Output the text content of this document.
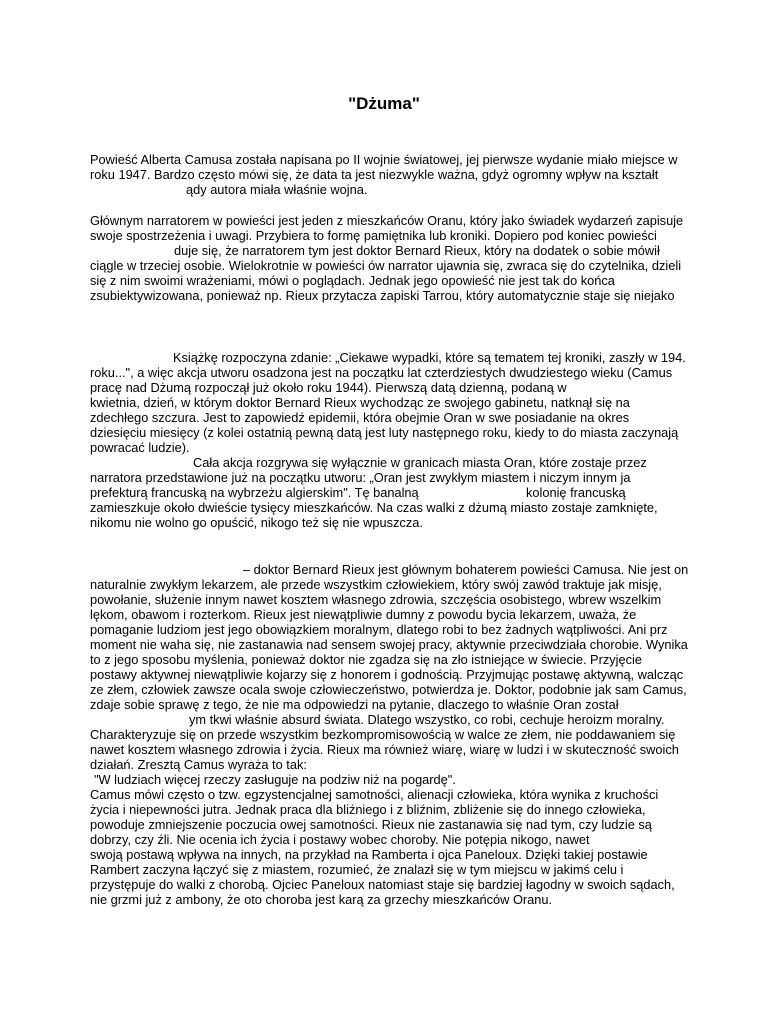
"Dżuma"
Powieść Alberta Camusa została napisana po II wojnie światowej, jej pierwsze wydanie miało miejsce w
roku 1947. Bardzo często mówi się, że data ta jest niezwykle ważna, gdyż ogromny wpływ na kształt
ądy autora miała właśnie wojna.
Głównym narratorem w powieści jest jeden z mieszkańców Oranu, który jako świadek wydarzeń zapisuje
swoje spostrzeżenia i uwagi. Przybiera to formę pamiętnika lub kroniki. Dopiero pod koniec powieści
duje się, że narratorem tym jest doktor Bernard Rieux, który na dodatek o sobie mówił
ciągle w trzeciej osobie. Wielokrotnie w powieści ów narrator ujawnia się, zwraca się do czytelnika, dzieli
się z nim swoimi wrażeniami, mówi o poglądach. Jednak jego opowieść nie jest tak do końca
zsubiektywizowana, ponieważ np. Rieux przytacza zapiski Tarrou, który automatycznie staje się niejako
Książkę rozpoczyna zdanie: „Ciekawe wypadki, które są tematem tej kroniki, zaszły w 194.
roku...", a więc akcja utworu osadzona jest na początku lat czterdziestych dwudziestego wieku (Camus
pracę nad Dżumą rozpoczął już około roku 1944). Pierwszą datą dzienną, podaną w
kwietnia, dzień, w którym doktor Bernard Rieux wychodząc ze swojego gabinetu, natknął się na
zdechłego szczura. Jest to zapowiedź epidemii, która obejmie Oran w swe posiadanie na okres
dziesięciu miesięcy (z kolei ostatnią pewną datą jest luty następnego roku, kiedy to do miasta zaczynają
powracać ludzie).
Cała akcja rozgrywa się wyłącznie w granicach miasta Oran, które zostaje przez
narratora przedstawione już na początku utworu: „Oran jest zwykłym miastem i niczym innym ja
prefekturą francuską na wybrzeżu algierskim". Tę banalną	kolonię francuską
zamieszkuje około dwieście tysięcy mieszkańców. Na czas walki z dżumą miasto zostaje zamknięte,
nikomu nie wolno go opuścić, nikogo też się nie wpuszcza.
– doktor Bernard Rieux jest głównym bohaterem powieści Camusa. Nie jest on
naturalnie zwykłym lekarzem, ale przede wszystkim człowiekiem, który swój zawód traktuje jak misję,
powołanie, służenie innym nawet kosztem własnego zdrowia, szczęścia osobistego, wbrew wszelkim
lękom, obawom i rozterkom. Rieux jest niewątpliwie dumny z powodu bycia lekarzem, uważa, że
pomaganie ludziom jest jego obowiązkiem moralnym, dlatego robi to bez żadnych wątpliwości. Ani prz
moment nie waha się, nie zastanawia nad sensem swojej pracy, aktywnie przeciwdziała chorobie. Wynika
to z jego sposobu myślenia, ponieważ doktor nie zgadza się na zło istniejące w świecie. Przyjęcie
postawy aktywnej niewątpliwie kojarzy się z honorem i godnością. Przyjmując postawę aktywną, walcząc
ze złem, człowiek zawsze ocala swoje człowieczeństwo, potwierdza je. Doktor, podobnie jak sam Camus,
zdaje sobie sprawę z tego, że nie ma odpowiedzi na pytanie, dlaczego to właśnie Oran został
ym tkwi właśnie absurd świata. Dlatego wszystko, co robi, cechuje heroizm moralny.
Charakteryzuje się on przede wszystkim bezkompromisowością w walce ze złem, nie poddawaniem się
nawet kosztem własnego zdrowia i życia. Rieux ma również wiarę, wiarę w ludzi i w skuteczność swoich
działań. Zresztą Camus wyraża to tak:
"W ludziach więcej rzeczy zasługuje na podziw niż na pogardę".
Camus mówi często o tzw. egzystencjalnej samotności, alienacji człowieka, która wynika z kruchości
życia i niepewności jutra. Jednak praca dla bliźniego i z bliźnim, zbliżenie się do innego człowieka,
powoduje zmniejszenie poczucia owej samotności. Rieux nie zastanawia się nad tym, czy ludzie są
dobrzy, czy źli. Nie ocenia ich życia i postawy wobec choroby. Nie potępia nikogo, nawet
swoją postawą wpływa na innych, na przykład na Ramberta i ojca Paneloux. Dzięki takiej postawie
Rambert zaczyna łączyć się z miastem, rozumieć, że znalazł się w tym miejscu w jakimś celu i
przystępuje do walki z chorobą. Ojciec Paneloux natomiast staje się bardziej łagodny w swoich sądach,
nie grzmi już z ambony, że oto choroba jest karą za grzechy mieszkańców Oranu.
